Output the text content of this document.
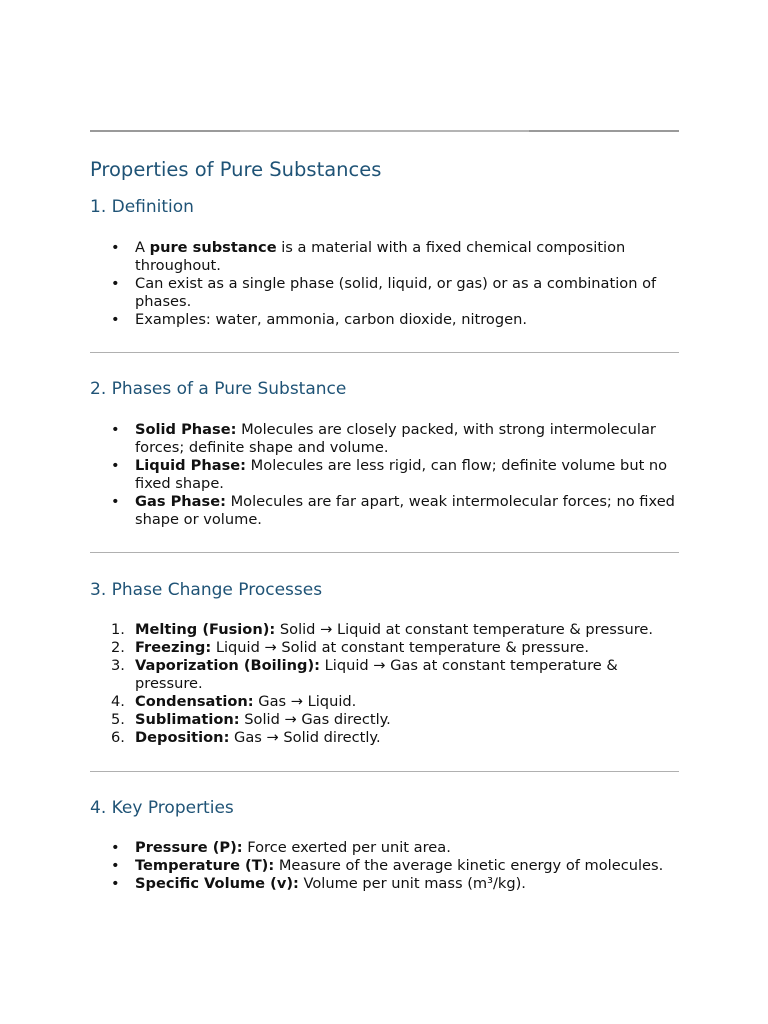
Properties of Pure Substances
1. Definition
• A pure substance is a material with a fixed chemical composition throughout.
• Can exist as a single phase (solid, liquid, or gas) or as a combination of phases.
• Examples: water, ammonia, carbon dioxide, nitrogen.
2. Phases of a Pure Substance
• Solid Phase: Molecules are closely packed, with strong intermolecular forces; definite shape and volume.
• Liquid Phase: Molecules are less rigid, can flow; definite volume but no fixed shape.
• Gas Phase: Molecules are far apart, weak intermolecular forces; no fixed shape or volume.
3. Phase Change Processes
1. Melting (Fusion): Solid → Liquid at constant temperature & pressure.
2. Freezing: Liquid → Solid at constant temperature & pressure.
3. Vaporization (Boiling): Liquid → Gas at constant temperature & pressure.
4. Condensation: Gas → Liquid.
5. Sublimation: Solid → Gas directly.
6. Deposition: Gas → Solid directly.
4. Key Properties
• Pressure (P): Force exerted per unit area.
• Temperature (T): Measure of the average kinetic energy of molecules.
• Specific Volume (v): Volume per unit mass (m³/kg).
